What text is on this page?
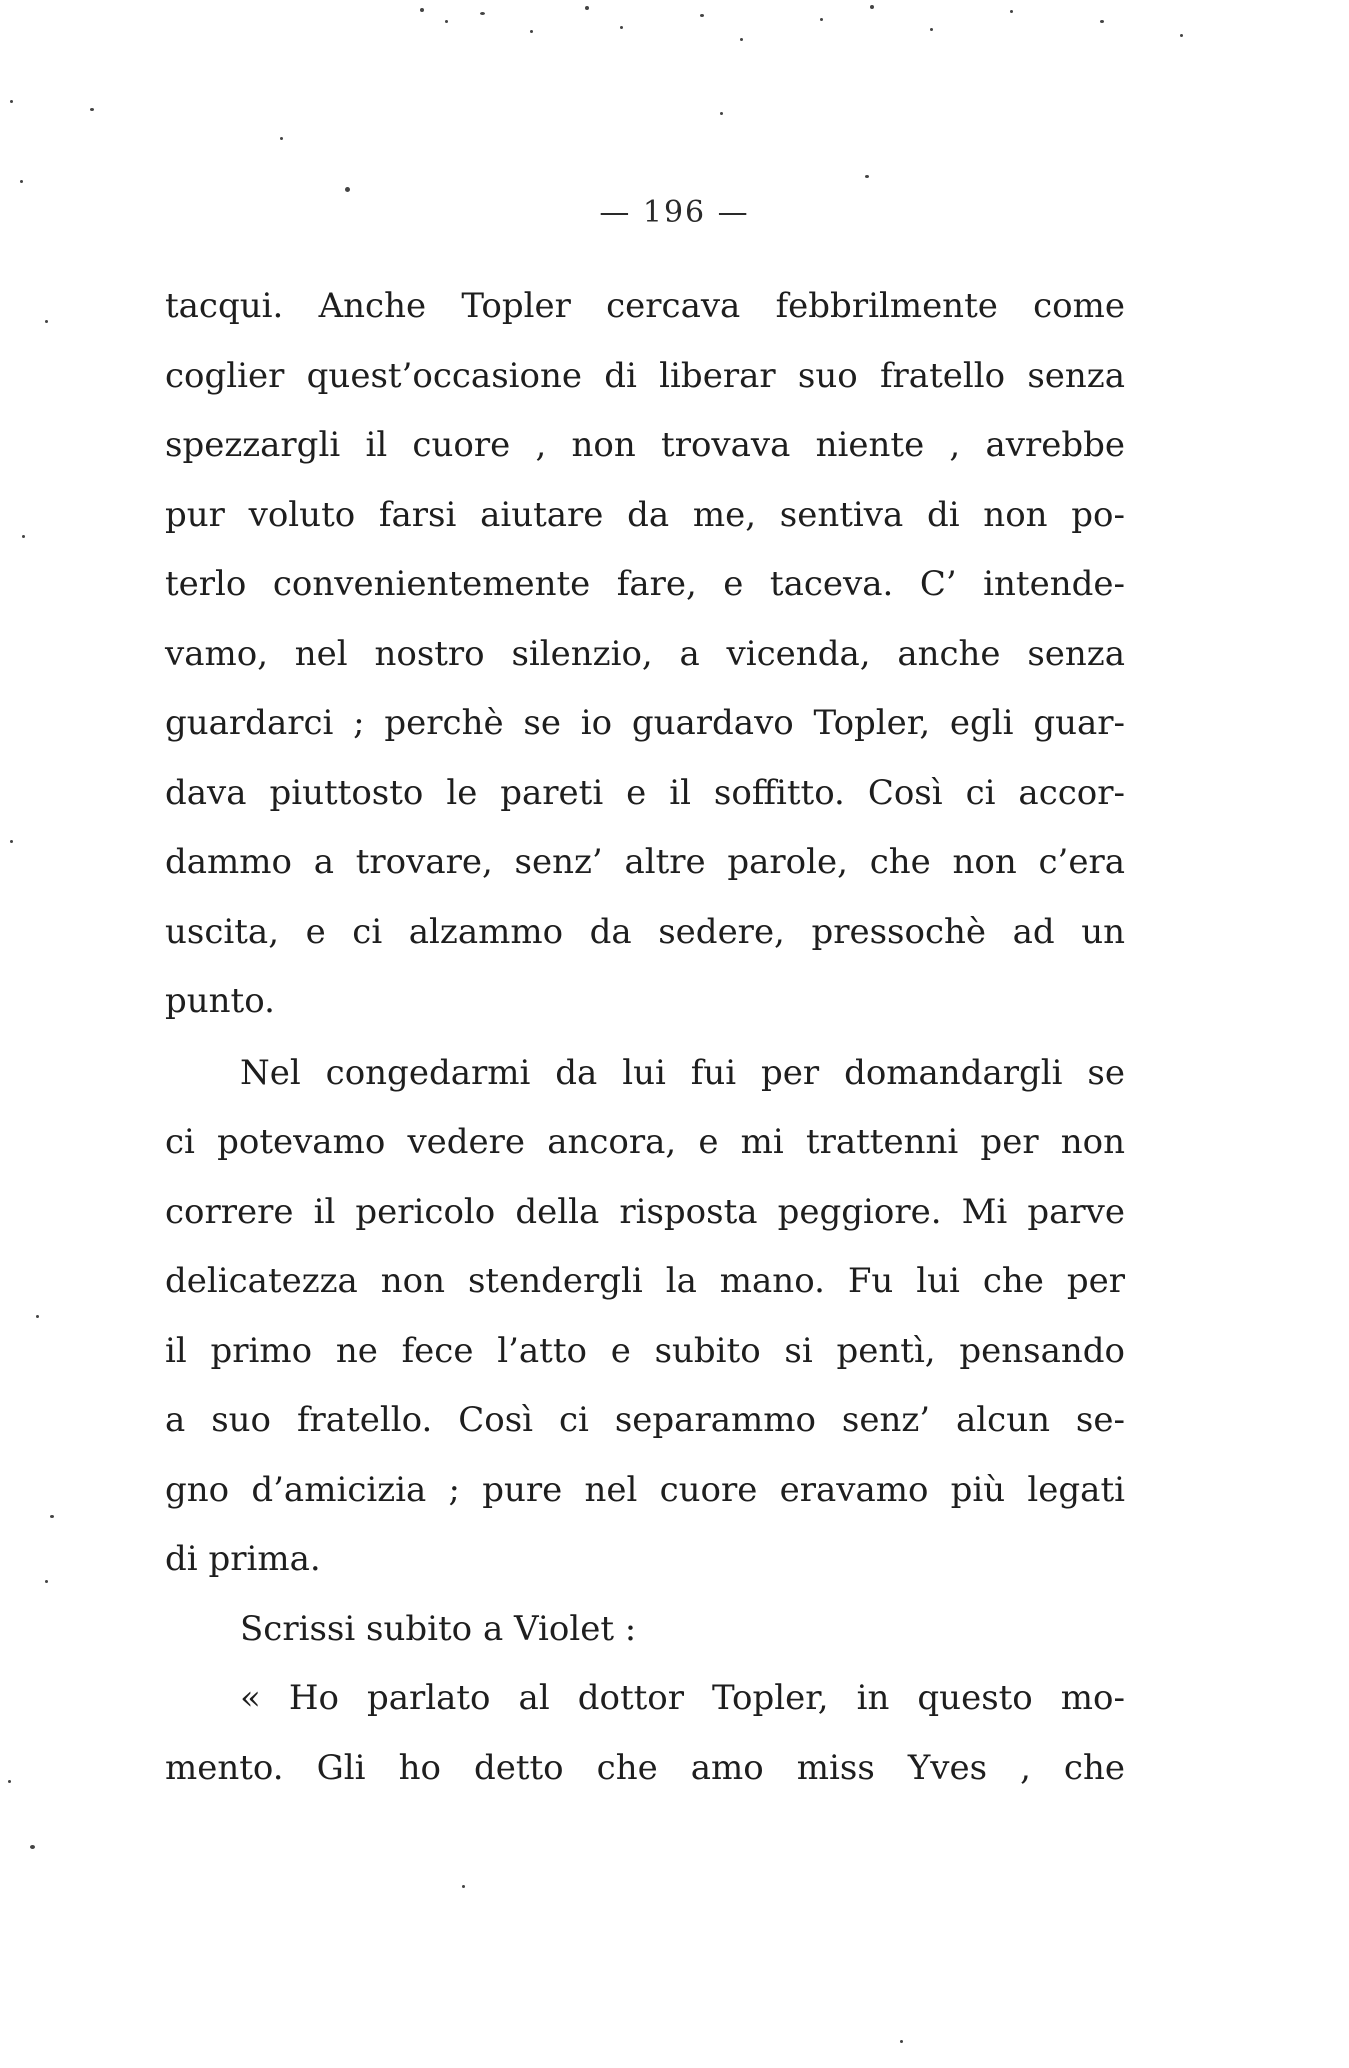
— 196 —
tacqui. Anche Topler cercava febbrilmente come
coglier quest’occasione di liberar suo fratello senza
spezzargli il cuore , non trovava niente , avrebbe
pur voluto farsi aiutare da me, sentiva di non po-
terlo convenientemente fare, e taceva. C’ intende-
vamo, nel nostro silenzio, a vicenda, anche senza
guardarci ; perchè se io guardavo Topler, egli guar-
dava piuttosto le pareti e il soffitto. Così ci accor-
dammo a trovare, senz’ altre parole, che non c’era
uscita, e ci alzammo da sedere, pressochè ad un
punto.
Nel congedarmi da lui fui per domandargli se
ci potevamo vedere ancora, e mi trattenni per non
correre il pericolo della risposta peggiore. Mi parve
delicatezza non stendergli la mano. Fu lui che per
il primo ne fece l’atto e subito si pentì, pensando
a suo fratello. Così ci separammo senz’ alcun se-
gno d’amicizia ; pure nel cuore eravamo più legati
di prima.
Scrissi subito a Violet :
« Ho parlato al dottor Topler, in questo mo-
mento. Gli ho detto che amo miss Yves , che
